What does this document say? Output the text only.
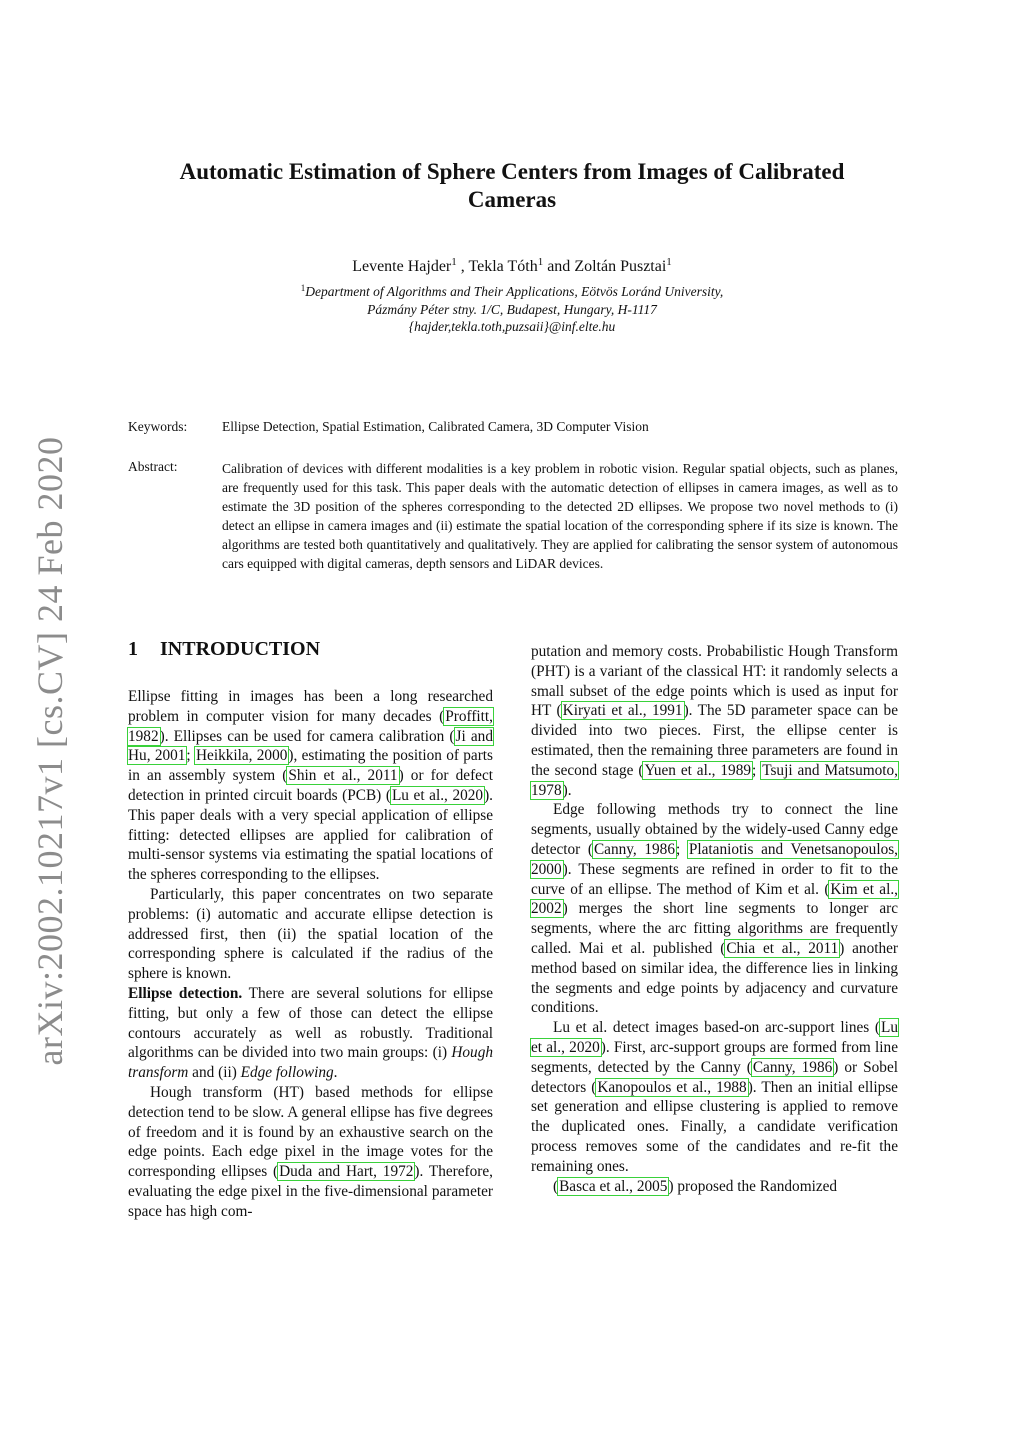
arXiv:2002.10217v1 [cs.CV] 24 Feb 2020
Automatic Estimation of Sphere Centers from Images of Calibrated Cameras
Levente Hajder$^1$ , Tekla Tóth$^1$ and Zoltán Pusztai$^1$
$^1$Department of Algorithms and Their Applications, Eötvös Loránd University,
Pázmány Péter stny. 1/C, Budapest, Hungary, H-1117
{hajder,tekla.toth,puzsaii}@inf.elte.hu
Keywords:	Ellipse Detection, Spatial Estimation, Calibrated Camera, 3D Computer Vision
Abstract:	Calibration of devices with different modalities is a key problem in robotic vision. Regular spatial objects, such as planes, are frequently used for this task. This paper deals with the automatic detection of ellipses in camera images, as well as to estimate the 3D position of the spheres corresponding to the detected 2D ellipses. We propose two novel methods to (i) detect an ellipse in camera images and (ii) estimate the spatial location of the corresponding sphere if its size is known. The algorithms are tested both quantitatively and qualitatively. They are applied for calibrating the sensor system of autonomous cars equipped with digital cameras, depth sensors and LiDAR devices.
1 INTRODUCTION

Ellipse fitting in images has been a long researched problem in computer vision for many decades (Proffitt, 1982). Ellipses can be used for camera calibration (Ji and Hu, 2001; Heikkila, 2000), estimating the position of parts in an assembly system (Shin et al., 2011) or for defect detection in printed circuit boards (PCB) (Lu et al., 2020). This paper deals with a very special application of ellipse fitting: detected ellipses are applied for calibration of multi-sensor systems via estimating the spatial locations of the spheres corresponding to the ellipses.

Particularly, this paper concentrates on two separate problems: (i) automatic and accurate ellipse detection is addressed first, then (ii) the spatial location of the corresponding sphere is calculated if the radius of the sphere is known.

Ellipse detection. There are several solutions for ellipse fitting, but only a few of those can detect the ellipse contours accurately as well as robustly. Traditional algorithms can be divided into two main groups: (i) Hough transform and (ii) Edge following.

Hough transform (HT) based methods for ellipse detection tend to be slow. A general ellipse has five degrees of freedom and it is found by an exhaustive search on the edge points. Each edge pixel in the image votes for the corresponding ellipses (Duda and Hart, 1972). Therefore, evaluating the edge pixel in the five-dimensional parameter space has high com-

putation and memory costs. Probabilistic Hough Transform (PHT) is a variant of the classical HT: it randomly selects a small subset of the edge points which is used as input for HT (Kiryati et al., 1991). The 5D parameter space can be divided into two pieces. First, the ellipse center is estimated, then the remaining three parameters are found in the second stage (Yuen et al., 1989; Tsuji and Matsumoto, 1978).

Edge following methods try to connect the line segments, usually obtained by the widely-used Canny edge detector (Canny, 1986; Plataniotis and Venetsanopoulos, 2000). These segments are refined in order to fit to the curve of an ellipse. The method of Kim et al. (Kim et al., 2002) merges the short line segments to longer arc segments, where the arc fitting algorithms are frequently called. Mai et al. published (Chia et al., 2011) another method based on similar idea, the difference lies in linking the segments and edge points by adjacency and curvature conditions.

Lu et al. detect images based-on arc-support lines (Lu et al., 2020). First, arc-support groups are formed from line segments, detected by the Canny (Canny, 1986) or Sobel detectors (Kanopoulos et al., 1988). Then an initial ellipse set generation and ellipse clustering is applied to remove the duplicated ones. Finally, a candidate verification process removes some of the candidates and re-fit the remaining ones.

(Basca et al., 2005) proposed the Randomized
